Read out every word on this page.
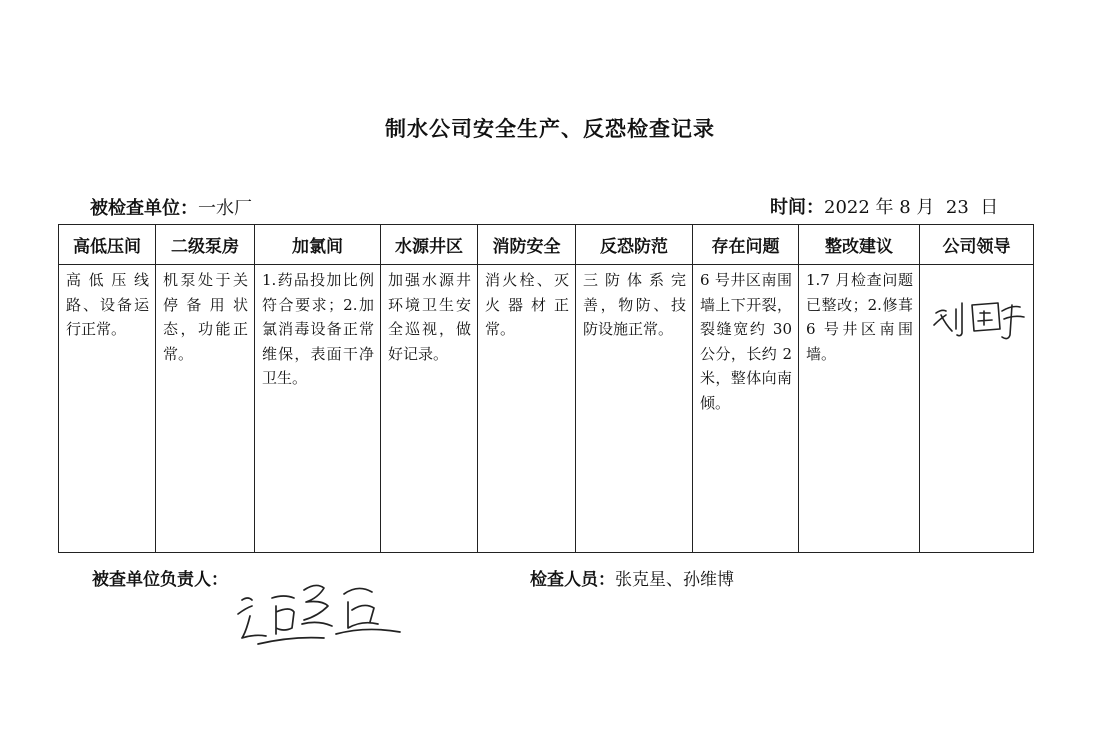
制水公司安全生产、反恐检查记录
被检查单位：一水厂	时间：2022 年 8 月  23  日
高低压间	二级泵房	加氯间	水源井区	消防安全	反恐防范	存在问题	整改建议	公司领导
高低压线路、设备运行正常。	机泵处于关停备用状态，功能正常。	1.药品投加比例符合要求；2.加氯消毒设备正常维保，表面干净卫生。	加强水源井环境卫生安全巡视，做好记录。	消火栓、灭火器材正常。	三防体系完善，物防、技防设施正常。	6 号井区南围墙上下开裂，裂缝宽约 30 公分，长约 2 米，整体向南倾。	1.7 月检查问题已整改；2.修葺 6 号井区南围墙。	
被查单位负责人：	检查人员：张克星、孙维博
